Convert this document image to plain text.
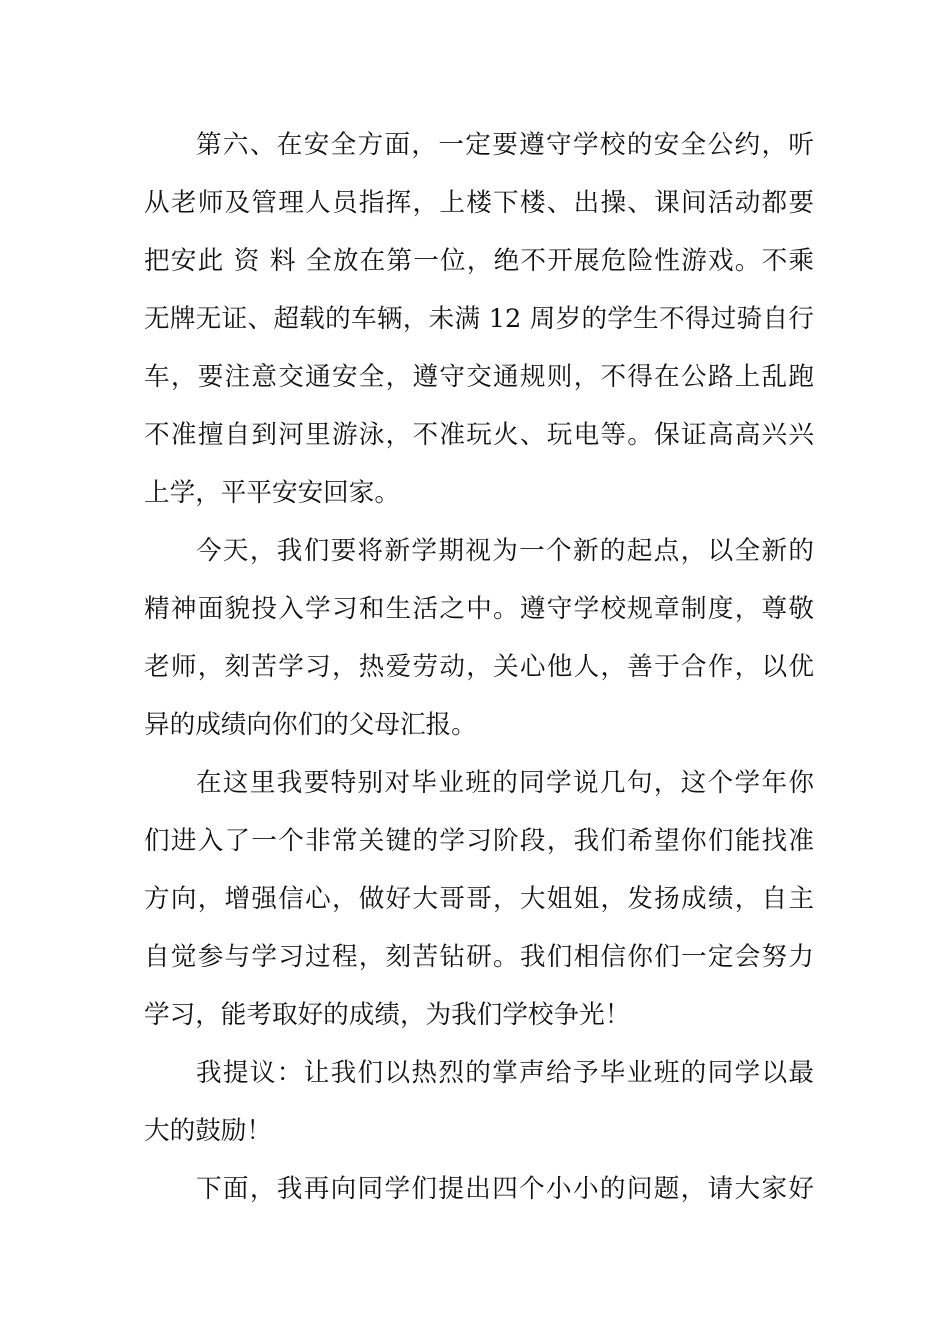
第六、在安全方面，一定要遵守学校的安全公约，听
从老师及管理人员指挥，上楼下楼、出操、课间活动都要
把安此 资 料 全放在第一位，绝不开展危险性游戏。不乘
无牌无证、超载的车辆，未满 12 周岁的学生不得过骑自行
车，要注意交通安全，遵守交通规则，不得在公路上乱跑
不准擅自到河里游泳，不准玩火、玩电等。保证高高兴兴
上学，平平安安回家。
今天，我们要将新学期视为一个新的起点，以全新的
精神面貌投入学习和生活之中。遵守学校规章制度，尊敬
老师，刻苦学习，热爱劳动，关心他人，善于合作，以优
异的成绩向你们的父母汇报。
在这里我要特别对毕业班的同学说几句，这个学年你
们进入了一个非常关键的学习阶段，我们希望你们能找准
方向，增强信心，做好大哥哥，大姐姐，发扬成绩，自主
自觉参与学习过程，刻苦钻研。我们相信你们一定会努力
学习，能考取好的成绩，为我们学校争光！
我提议：让我们以热烈的掌声给予毕业班的同学以最
大的鼓励！
下面，我再向同学们提出四个小小的问题，请大家好
